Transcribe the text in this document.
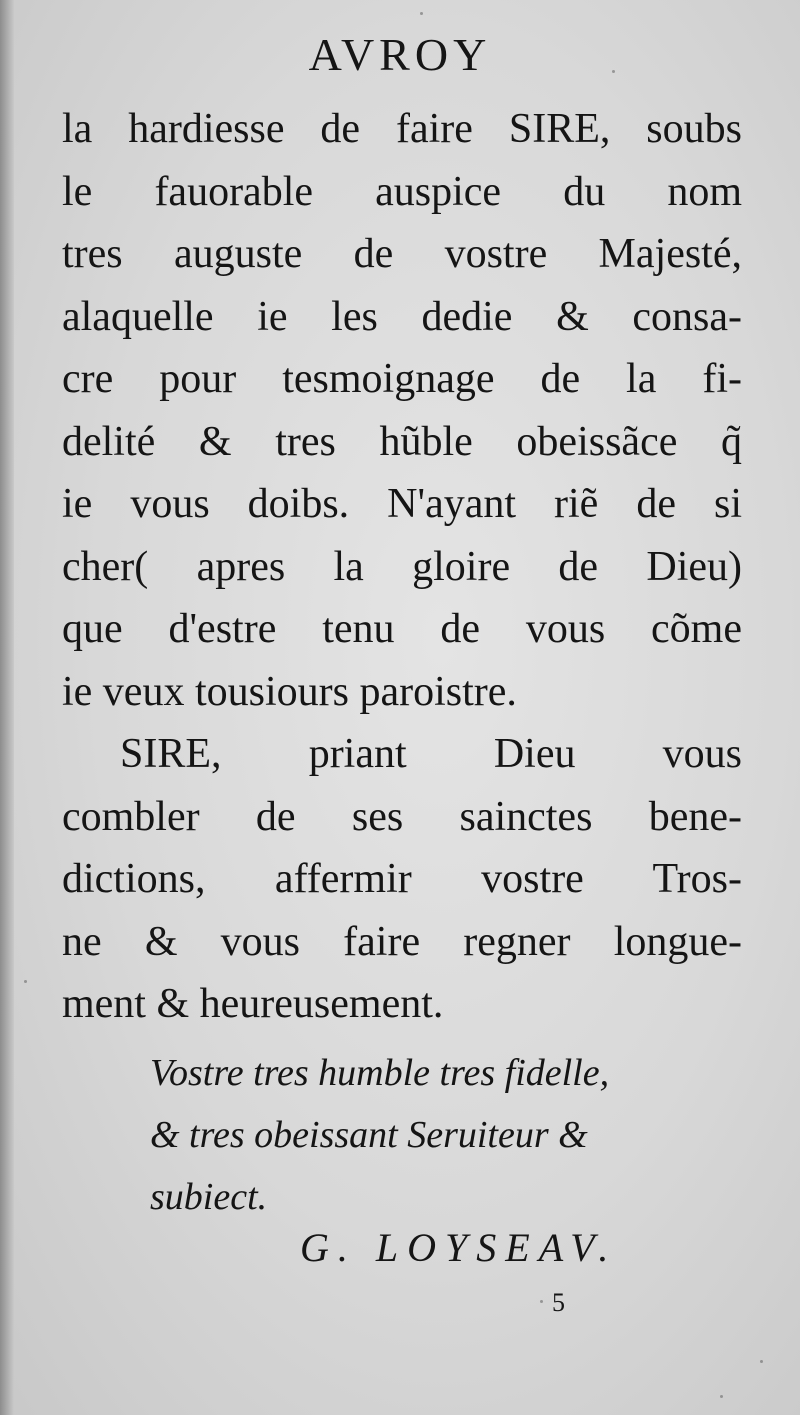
AVROY
la hardiesse de faire SIRE, soubs
le fauorable auspice du nom
tres auguste de vostre Majesté,
alaquelle ie les dedie & consa-
cre pour tesmoignage de la fi-
delité & tres hũble obeissãce q̃
ie vous doibs. N'ayant riẽ de si
cher( apres la gloire de Dieu)
que d'estre tenu de vous cõme
ie veux tousiours paroistre.
SIRE, priant Dieu vous
combler de ses sainctes bene-
dictions, affermir vostre Tros-
ne & vous faire regner longue-
ment & heureusement.
Vostre tres humble tres fidelle,
& tres obeissant Seruiteur &
subiect.
G. LOYSEAV.
5
